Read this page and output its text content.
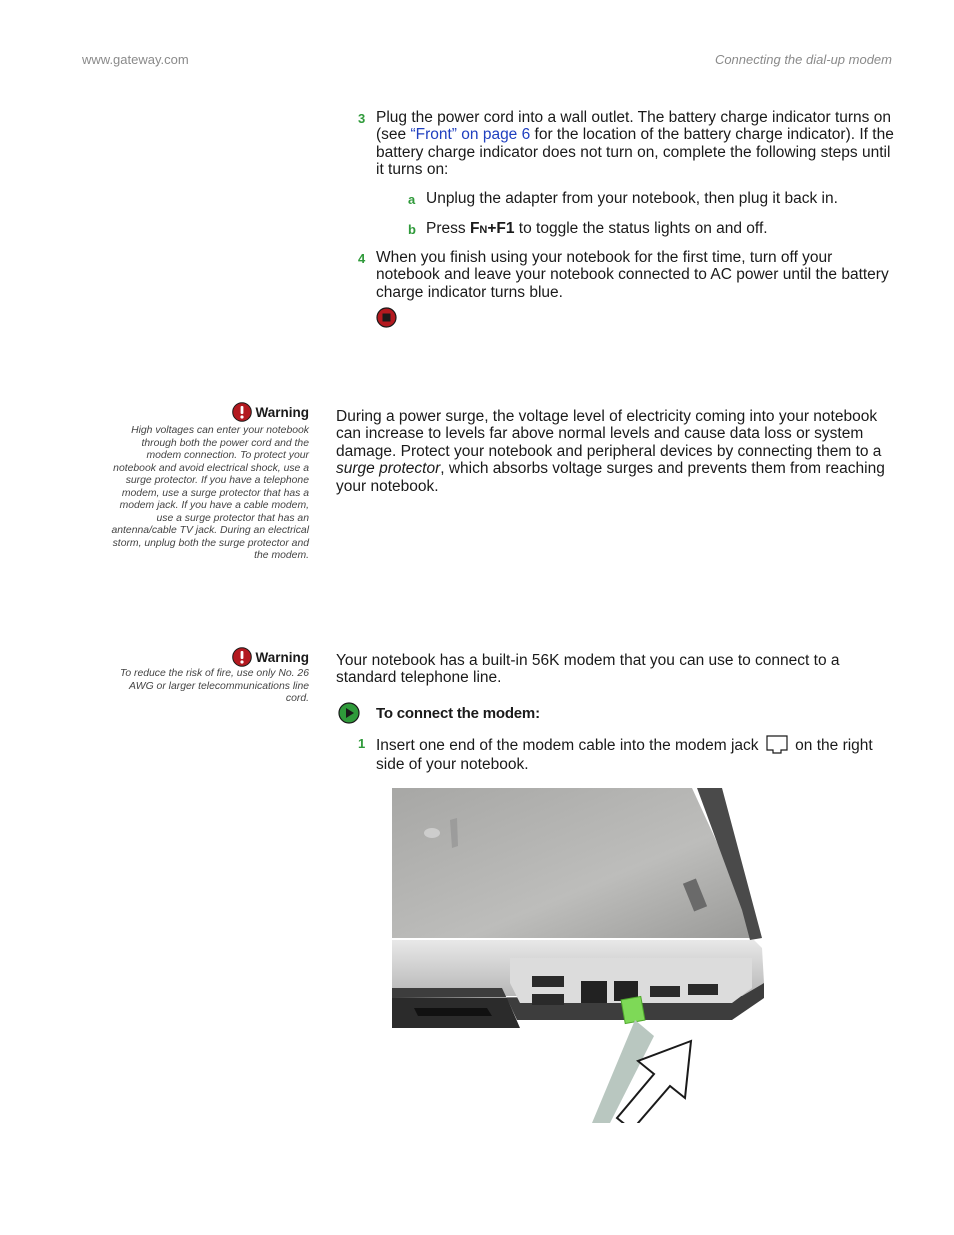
www.gateway.com	Connecting the dial-up modem
3 Plug the power cord into a wall outlet. The battery charge indicator turns on (see “Front” on page 6 for the location of the battery charge indicator). If the battery charge indicator does not turn on, complete the following steps until it turns on:
a Unplug the adapter from your notebook, then plug it back in.
b Press FN+F1 to toggle the status lights on and off.
4 When you finish using your notebook for the first time, turn off your notebook and leave your notebook connected to AC power until the battery charge indicator turns blue.
Warning
High voltages can enter your notebook through both the power cord and the modem connection. To protect your notebook and avoid electrical shock, use a surge protector. If you have a telephone modem, use a surge protector that has a modem jack. If you have a cable modem, use a surge protector that has an antenna/cable TV jack. During an electrical storm, unplug both the surge protector and the modem.
During a power surge, the voltage level of electricity coming into your notebook can increase to levels far above normal levels and cause data loss or system damage. Protect your notebook and peripheral devices by connecting them to a surge protector, which absorbs voltage surges and prevents them from reaching your notebook.
Warning
To reduce the risk of fire, use only No. 26 AWG or larger telecommunications line cord.
Your notebook has a built-in 56K modem that you can use to connect to a standard telephone line.
To connect the modem:
1 Insert one end of the modem cable into the modem jack  on the right side of your notebook.
